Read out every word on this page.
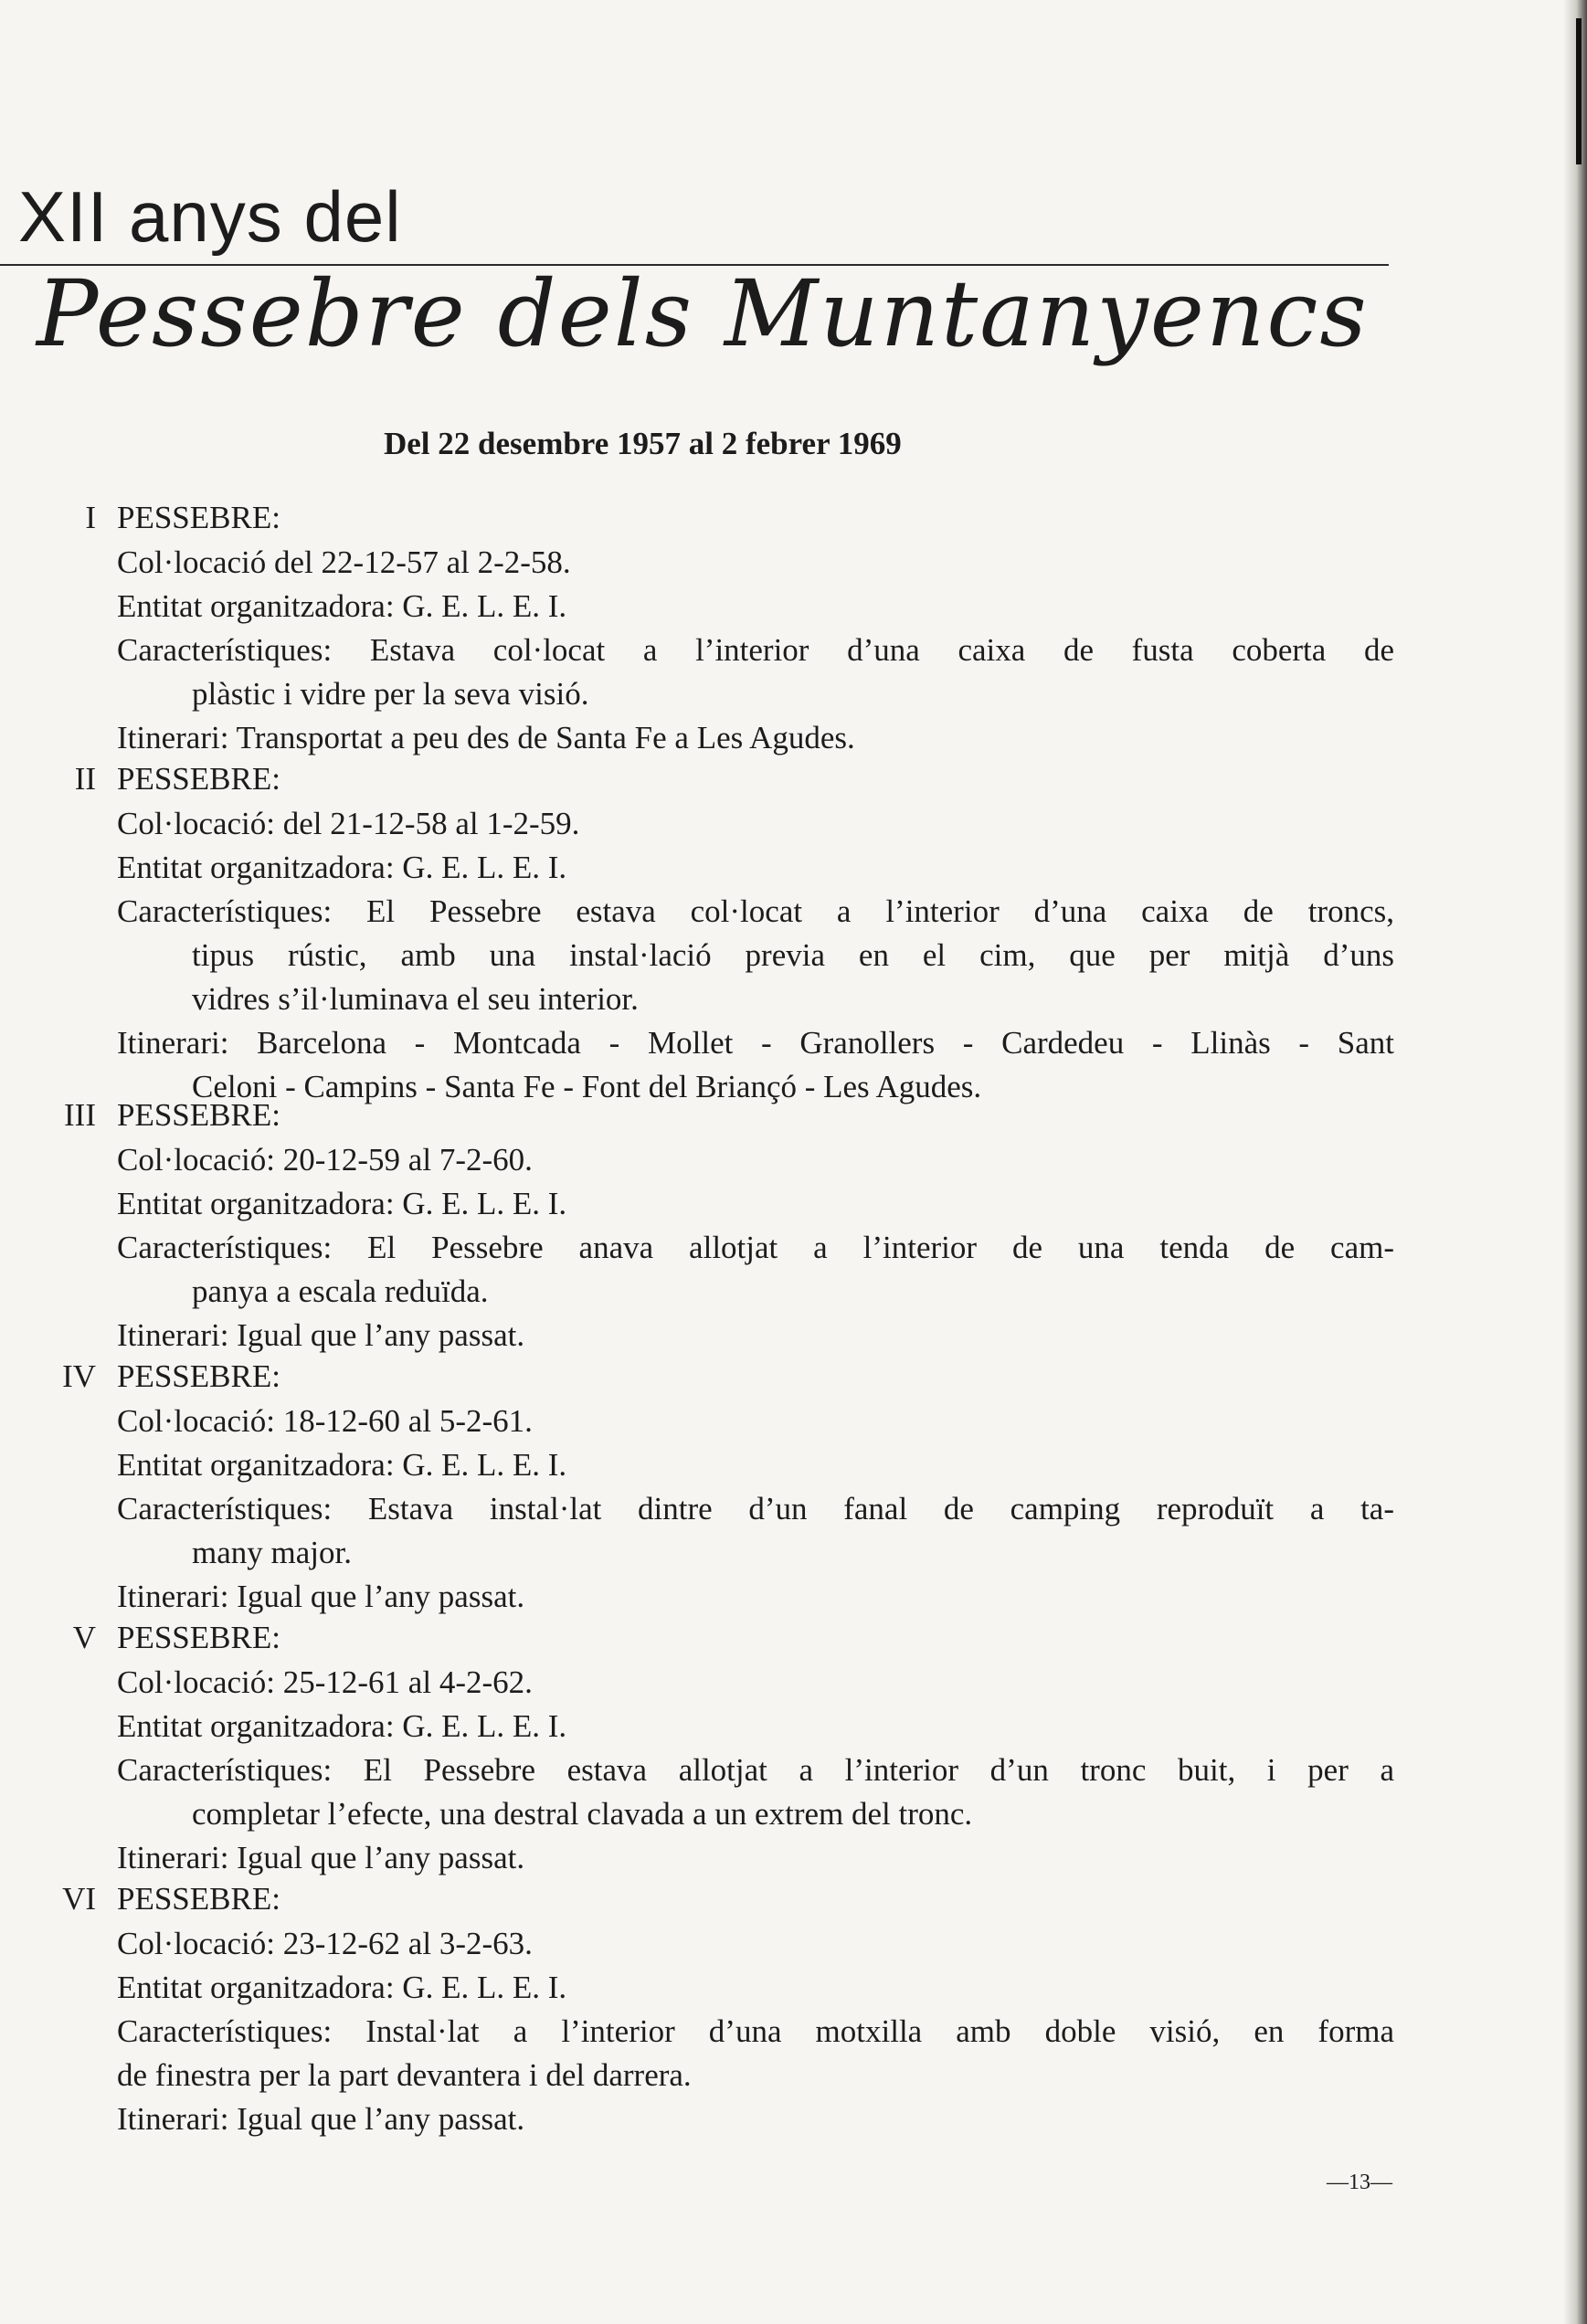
XII anys del
Pessebre dels Muntanyencs
Del 22 desembre 1957 al 2 febrer 1969
I PESSEBRE:
Col·locació del 22-12-57 al 2-2-58.
Entitat organitzadora: G. E. L. E. I.
Característiques: Estava col·locat a l’interior d’una caixa de fusta coberta de
plàstic i vidre per la seva visió.
Itinerari: Transportat a peu des de Santa Fe a Les Agudes.
II PESSEBRE:
Col·locació: del 21-12-58 al 1-2-59.
Entitat organitzadora: G. E. L. E. I.
Característiques: El Pessebre estava col·locat a l’interior d’una caixa de troncs,
tipus rústic, amb una instal·lació previa en el cim, que per mitjà d’uns
vidres s’il·luminava el seu interior.
Itinerari: Barcelona - Montcada - Mollet - Granollers - Cardedeu - Llinàs - Sant
Celoni - Campins - Santa Fe - Font del Briançó - Les Agudes.
III PESSEBRE:
Col·locació: 20-12-59 al 7-2-60.
Entitat organitzadora: G. E. L. E. I.
Característiques: El Pessebre anava allotjat a l’interior de una tenda de cam-
panya a escala reduïda.
Itinerari: Igual que l’any passat.
IV PESSEBRE:
Col·locació: 18-12-60 al 5-2-61.
Entitat organitzadora: G. E. L. E. I.
Característiques: Estava instal·lat dintre d’un fanal de camping reproduït a ta-
many major.
Itinerari: Igual que l’any passat.
V PESSEBRE:
Col·locació: 25-12-61 al 4-2-62.
Entitat organitzadora: G. E. L. E. I.
Característiques: El Pessebre estava allotjat a l’interior d’un tronc buit, i per a
completar l’efecte, una destral clavada a un extrem del tronc.
Itinerari: Igual que l’any passat.
VI PESSEBRE:
Col·locació: 23-12-62 al 3-2-63.
Entitat organitzadora: G. E. L. E. I.
Característiques: Instal·lat a l’interior d’una motxilla amb doble visió, en forma
de finestra per la part devantera i del darrera.
Itinerari: Igual que l’any passat.
—13—
